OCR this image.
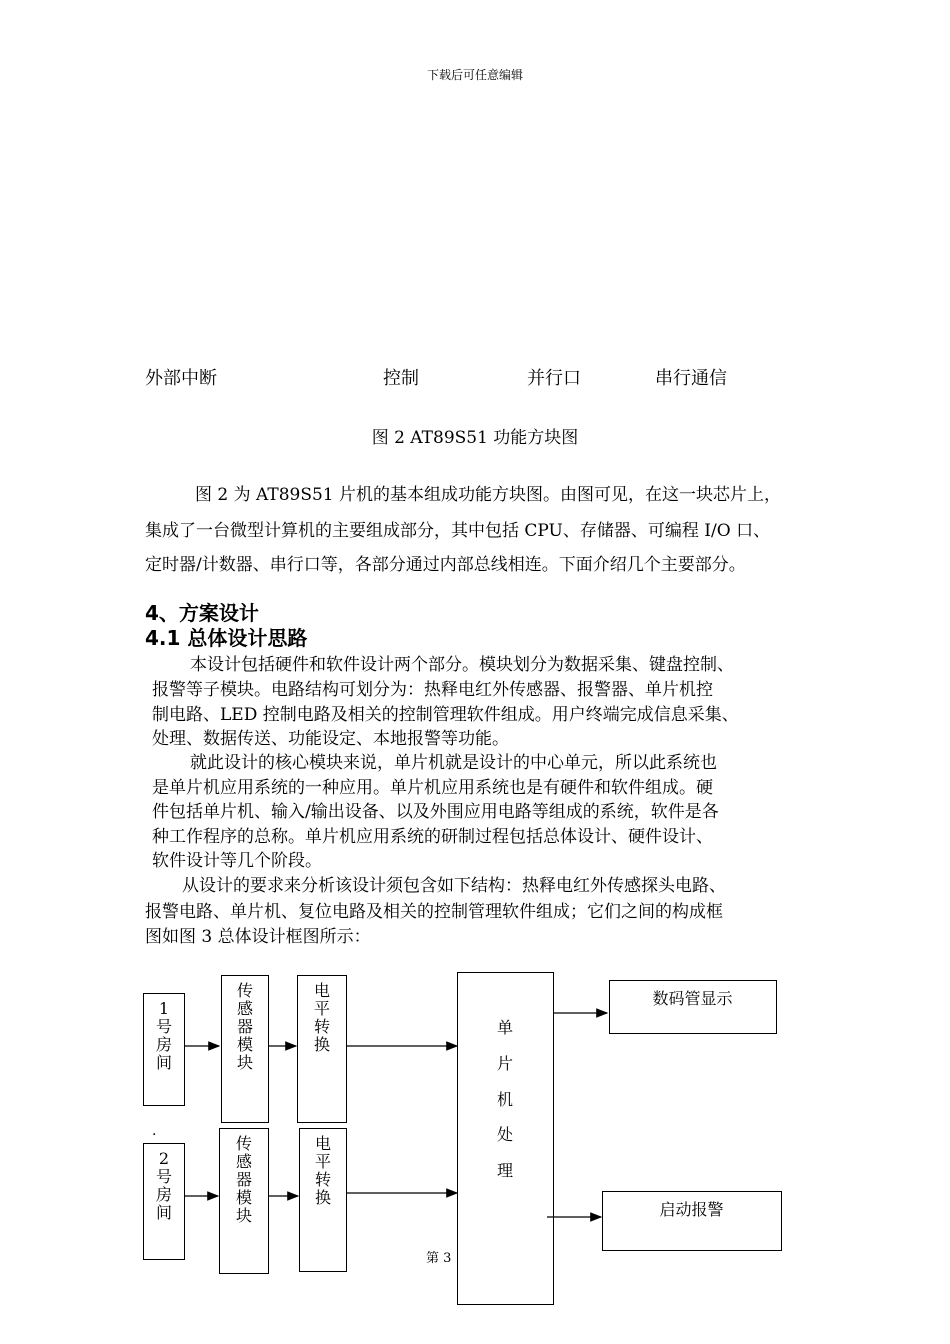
下载后可任意编辑
外部中断	控制	并行口	串行通信
图 2 AT89S51 功能方块图
图 2 为 AT89S51 片机的基本组成功能方块图。由图可见，在这一块芯片上，
集成了一台微型计算机的主要组成部分，其中包括 CPU、存储器、可编程 I/O 口、
定时器/计数器、串行口等，各部分通过内部总线相连。下面介绍几个主要部分。
4、方案设计
4.1 总体设计思路
本设计包括硬件和软件设计两个部分。模块划分为数据采集、键盘控制、
报警等子模块。电路结构可划分为：热释电红外传感器、报警器、单片机控
制电路、LED 控制电路及相关的控制管理软件组成。用户终端完成信息采集、
处理、数据传送、功能设定、本地报警等功能。
就此设计的核心模块来说，单片机就是设计的中心单元，所以此系统也
是单片机应用系统的一种应用。单片机应用系统也是有硬件和软件组成。硬
件包括单片机、输入/输出设备、以及外围应用电路等组成的系统，软件是各
种工作程序的总称。单片机应用系统的研制过程包括总体设计、硬件设计、
软件设计等几个阶段。
从设计的要求来分析该设计须包含如下结构：热释电红外传感探头电路、
报警电路、单片机、复位电路及相关的控制管理软件组成；它们之间的构成框
图如图 3 总体设计框图所示：
1号房间
传感器模块
电平转换
.
2号房间
传感器模块
电平转换
单
片
机
处
理
数码管显示
启动报警
第 3
